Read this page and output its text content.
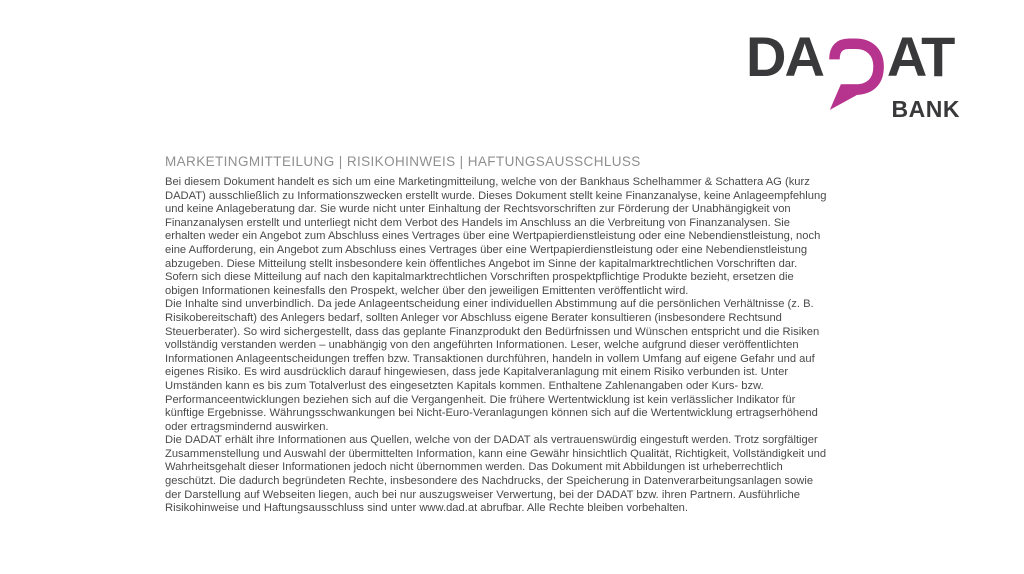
DA AT
BANK
MARKETINGMITTEILUNG | RISIKOHINWEIS | HAFTUNGSAUSSCHLUSS

Bei diesem Dokument handelt es sich um eine Marketingmitteilung, welche von der Bankhaus Schelhammer & Schattera AG (kurz DADAT) ausschließlich zu Informationszwecken erstellt wurde. Dieses Dokument stellt keine Finanzanalyse, keine Anlageempfehlung und keine Anlageberatung dar. Sie wurde nicht unter Einhaltung der Rechtsvorschriften zur Förderung der Unabhängigkeit von Finanzanalysen erstellt und unterliegt nicht dem Verbot des Handels im Anschluss an die Verbreitung von Finanzanalysen. Sie erhalten weder ein Angebot zum Abschluss eines Vertrages über eine Wertpapierdienstleistung oder eine Nebendienstleistung, noch eine Aufforderung, ein Angebot zum Abschluss eines Vertrages über eine Wertpapierdienstleistung oder eine Nebendienstleistung abzugeben. Diese Mitteilung stellt insbesondere kein öffentliches Angebot im Sinne der kapitalmarktrechtlichen Vorschriften dar. Sofern sich diese Mitteilung auf nach den kapitalmarktrechtlichen Vorschriften prospektpflichtige Produkte bezieht, ersetzen die obigen Informationen keinesfalls den Prospekt, welcher über den jeweiligen Emittenten veröffentlicht wird.

Die Inhalte sind unverbindlich. Da jede Anlageentscheidung einer individuellen Abstimmung auf die persönlichen Verhältnisse (z. B. Risikobereitschaft) des Anlegers bedarf, sollten Anleger vor Abschluss eigene Berater konsultieren (insbesondere Rechtsund Steuerberater). So wird sichergestellt, dass das geplante Finanzprodukt den Bedürfnissen und Wünschen entspricht und die Risiken vollständig verstanden werden – unabhängig von den angeführten Informationen. Leser, welche aufgrund dieser veröffentlichten Informationen Anlageentscheidungen treffen bzw. Transaktionen durchführen, handeln in vollem Umfang auf eigene Gefahr und auf eigenes Risiko. Es wird ausdrücklich darauf hingewiesen, dass jede Kapitalveranlagung mit einem Risiko verbunden ist. Unter Umständen kann es bis zum Totalverlust des eingesetzten Kapitals kommen. Enthaltene Zahlenangaben oder Kurs- bzw. Performanceentwicklungen beziehen sich auf die Vergangenheit. Die frühere Wertentwicklung ist kein verlässlicher Indikator für künftige Ergebnisse. Währungsschwankungen bei Nicht-Euro-Veranlagungen können sich auf die Wertentwicklung ertragserhöhend oder ertragsmindernd auswirken.

Die DADAT erhält ihre Informationen aus Quellen, welche von der DADAT als vertrauenswürdig eingestuft werden. Trotz sorgfältiger Zusammenstellung und Auswahl der übermittelten Information, kann eine Gewähr hinsichtlich Qualität, Richtigkeit, Vollständigkeit und Wahrheitsgehalt dieser Informationen jedoch nicht übernommen werden. Das Dokument mit Abbildungen ist urheberrechtlich geschützt. Die dadurch begründeten Rechte, insbesondere des Nachdrucks, der Speicherung in Datenverarbeitungsanlagen sowie der Darstellung auf Webseiten liegen, auch bei nur auszugsweiser Verwertung, bei der DADAT bzw. ihren Partnern. Ausführliche Risikohinweise und Haftungsausschluss sind unter www.dad.at abrufbar. Alle Rechte bleiben vorbehalten.
